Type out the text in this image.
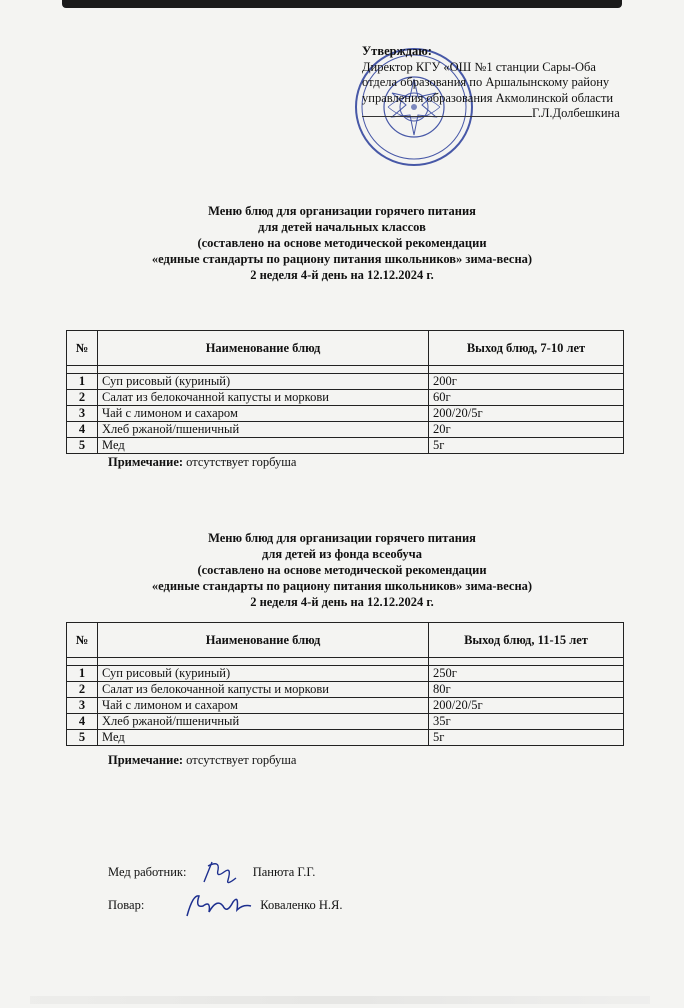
Утверждаю:
Директор КГУ «ОШ №1 станции Сары-Оба
отдела образования по Аршалынскому району
управления образования Акмолинской области
Г.Л.Долбешкина
Меню блюд для организации горячего питания
для детей начальных классов
(составлено на основе методической рекомендации
«единые стандарты по рациону питания школьников» зима-весна)
2 неделя 4-й день на 12.12.2024 г.
№	Наименование блюд	Выход блюд, 7-10 лет

1	Суп рисовый (куриный)	200г
2	Салат из белокочанной капусты и моркови	60г
3	Чай с лимоном и сахаром	200/20/5г
4	Хлеб ржаной/пшеничный	20г
5	Мед	5г
Примечание: отсутствует горбуша
Меню блюд для организации горячего питания
для детей из фонда всеобуча
(составлено на основе методической рекомендации
«единые стандарты по рациону питания школьников» зима-весна)
2 неделя 4-й день на 12.12.2024 г.
№	Наименование блюд	Выход блюд, 11-15 лет

1	Суп рисовый (куриный)	250г
2	Салат из белокочанной капусты и моркови	80г
3	Чай с лимоном и сахаром	200/20/5г
4	Хлеб ржаной/пшеничный	35г
5	Мед	5г
Примечание: отсутствует горбуша
Мед работник:	Панюта Г.Г.
Повар:	Коваленко Н.Я.
